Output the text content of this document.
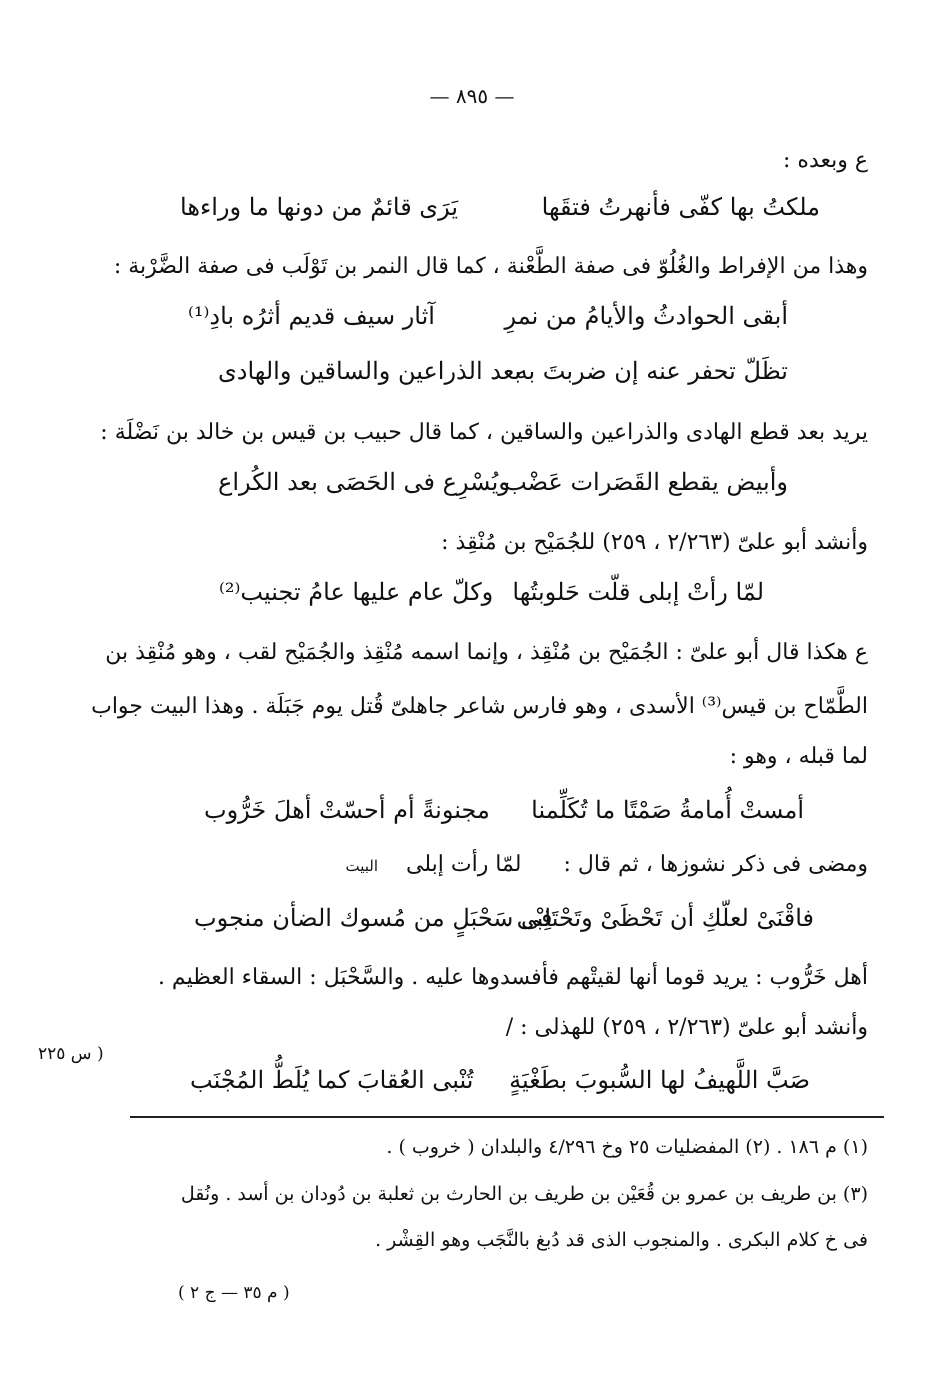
— ٨٩٥ —
ع وبعده :
ملكتُ بها كفّى فأنهرتُ فتقَها
يَرَى قائمٌ من دونها ما وراءها
وهذا من الإفراط والغُلُوّ فى صفة الطَّعْنة ، كما قال النمر بن تَوْلَب فى صفة الضَّرْبة :
أبقى الحوادثُ والأيامُ من نمرِ
آثار سيف قديم أثرُه بادِ⁽¹⁾
تظَلّ تحفر عنه إن ضربتَ به
بعد الذراعين والساقين والهادى
يريد بعد قطع الهادى والذراعين والساقين ، كما قال حبيب بن قيس بن خالد بن نَضْلَة :
وأبيض يقطع القَصَرات عَضْب
ويُسْرِع فى الحَصَى بعد الكُراع
وأنشد أبو علىّ (٢/٢٦٣ ، ٢٥٩) للجُمَيْح بن مُنْقِذ :
لمّا رأتْ إبلى قلّت حَلوبتُها
وكلّ عام عليها عامُ تجنيب⁽²⁾
ع هكذا قال أبو علىّ : الجُمَيْح بن مُنْقِذ ، وإنما اسمه مُنْقِذ والجُمَيْح لقب ، وهو مُنْقِذ بن
الطَّمّاح بن قيس⁽³⁾ الأسدى ، وهو فارس شاعر جاهلىّ قُتل يوم جَبَلَة . وهذا البيت جواب
لما قبله ، وهو :
أمستْ أُمامةُ صَمْتًا ما تُكَلِّمنا
مجنونةً أم أحسّتْ أهلَ خَرُّوب
ومضى فى ذكر نشوزها ، ثم قال :  لمّا رأت إبلى  البيت
فاقْنَىْ لعلّكِ أن تَحْظَىْ وتَحْتَلِبْى
فى سَحْبَلٍ من مُسوك الضأن منجوب
أهل خَرُّوب : يريد قوما أنها لقيتْهم فأفسدوها عليه . والسَّحْبَل : السقاء العظيم .
وأنشد أبو علىّ (٢/٢٦٣ ، ٢٥٩) للهذلى : /
( س ٢٢٥
صَبَّ اللَّهيفُ لها السُّبوبَ بطَغْيَةٍ
تُنْبى العُقابَ كما يُلَطُّ المُجْنَب
(١) م ١٨٦ . (٢) المفضليات ٢٥ وخ ٤/٢٩٦ والبلدان ( خروب ) .
(٣) بن طريف بن عمرو بن قُعَيْن بن طريف بن الحارث بن ثعلبة بن دُودان بن أسد . ونُقل
فى خ كلام البكرى . والمنجوب الذى قد دُبغ بالنَّجَب وهو القِشْر .
( م ٣٥ — ج ٢ )
